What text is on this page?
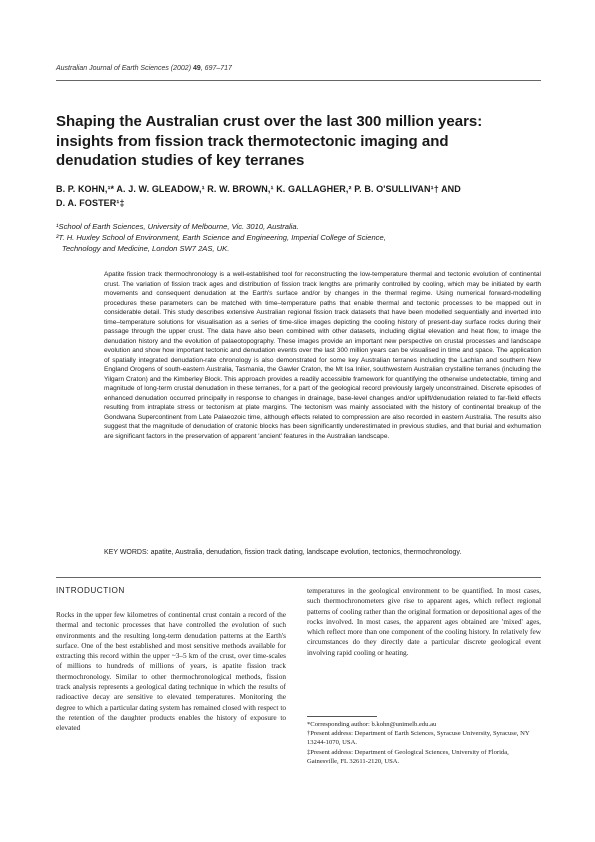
Australian Journal of Earth Sciences (2002) 49, 697–717
Shaping the Australian crust over the last 300 million years:
insights from fission track thermotectonic imaging and
denudation studies of key terranes
B. P. KOHN,¹* A. J. W. GLEADOW,¹ R. W. BROWN,¹ K. GALLAGHER,² P. B. O'SULLIVAN¹† AND
D. A. FOSTER¹‡
¹School of Earth Sciences, University of Melbourne, Vic. 3010, Australia.
²T. H. Huxley School of Environment, Earth Science and Engineering, Imperial College of Science,
Technology and Medicine, London SW7 2AS, UK.

Apatite fission track thermochronology is a well-established tool for reconstructing the low-temperature thermal and tectonic evolution of continental crust. The variation of fission track ages and distribution of fission track lengths are primarily controlled by cooling, which may be initiated by earth movements and consequent denudation at the Earth's surface and/or by changes in the thermal regime. Using numerical forward-modelling procedures these parameters can be matched with time–temperature paths that enable thermal and tectonic processes to be mapped out in considerable detail. This study describes extensive Australian regional fission track datasets that have been modelled sequentially and inverted into time–temperature solutions for visualisation as a series of time-slice images depicting the cooling history of present-day surface rocks during their passage through the upper crust. The data have also been combined with other datasets, including digital elevation and heat flow, to image the denudation history and the evolution of palaeotopography. These images provide an important new perspective on crustal processes and landscape evolution and show how important tectonic and denudation events over the last 300 million years can be visualised in time and space. The application of spatially integrated denudation-rate chronology is also demonstrated for some key Australian terranes including the Lachlan and southern New England Orogens of south-eastern Australia, Tasmania, the Gawler Craton, the Mt Isa Inlier, southwestern Australian crystalline terranes (including the Yilgarn Craton) and the Kimberley Block. This approach provides a readily accessible framework for quantifying the otherwise undetectable, timing and magnitude of long-term crustal denudation in these terranes, for a part of the geological record previously largely unconstrained. Discrete episodes of enhanced denudation occurred principally in response to changes in drainage, base-level changes and/or uplift/denudation related to far-field effects resulting from intraplate stress or tectonism at plate margins. The tectonism was mainly associated with the history of continental breakup of the Gondwana Supercontinent from Late Palaeozoic time, although effects related to compression are also recorded in eastern Australia. The results also suggest that the magnitude of denudation of cratonic blocks has been significantly underestimated in previous studies, and that burial and exhumation are significant factors in the preservation of apparent 'ancient' features in the Australian landscape.

KEY WORDS: apatite, Australia, denudation, fission track dating, landscape evolution, tectonics, thermochronology.

INTRODUCTION

Rocks in the upper few kilometres of continental crust contain a record of the thermal and tectonic processes that have controlled the evolution of such environments and the resulting long-term denudation patterns at the Earth's surface. One of the best established and most sensitive methods available for extracting this record within the upper ~3–5 km of the crust, over time-scales of millions to hundreds of millions of years, is apatite fission track thermochronology. Similar to other thermochronological methods, fission track analysis represents a geological dating technique in which the results of radioactive decay are sensitive to elevated temperatures. Monitoring the degree to which a particular dating system has remained closed with respect to the retention of the daughter products enables the history of exposure to elevated

temperatures in the geological environment to be quantified. In most cases, such thermochronometers give rise to apparent ages, which reflect regional patterns of cooling rather than the original formation or depositional ages of the rocks involved. In most cases, the apparent ages obtained are 'mixed' ages, which reflect more than one component of the cooling history. In relatively few circumstances do they directly date a particular discrete geological event involving rapid cooling or heating.

*Corresponding author: b.kohn@unimelb.edu.au
†Present address: Department of Earth Sciences, Syracuse University, Syracuse, NY 13244-1070, USA.
‡Present address: Department of Geological Sciences, University of Florida, Gainesville, FL 32611-2120, USA.
